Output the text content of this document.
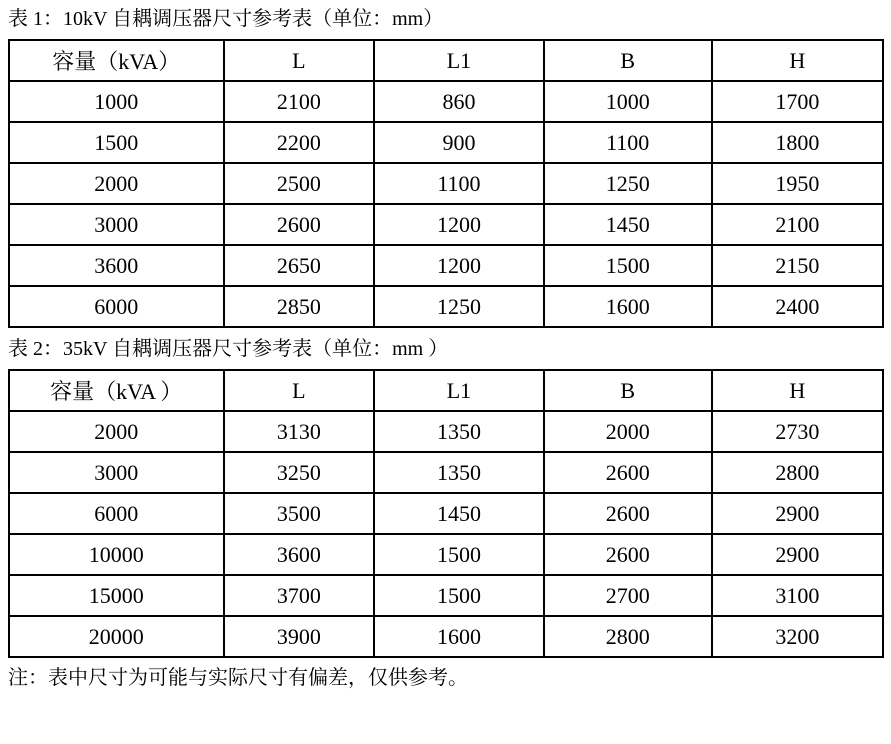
表 1：10kV 自耦调压器尺寸参考表（单位：mm）

容量（kVA）	L	L1	B	H
1000	2100	860	1000	1700
1500	2200	900	1100	1800
2000	2500	1100	1250	1950
3000	2600	1200	1450	2100
3600	2650	1200	1500	2150
6000	2850	1250	1600	2400

表 2：35kV 自耦调压器尺寸参考表（单位：mm ）

容量（kVA ）	L	L1	B	H
2000	3130	1350	2000	2730
3000	3250	1350	2600	2800
6000	3500	1450	2600	2900
10000	3600	1500	2600	2900
15000	3700	1500	2700	3100
20000	3900	1600	2800	3200

注：表中尺寸为可能与实际尺寸有偏差，仅供参考。
